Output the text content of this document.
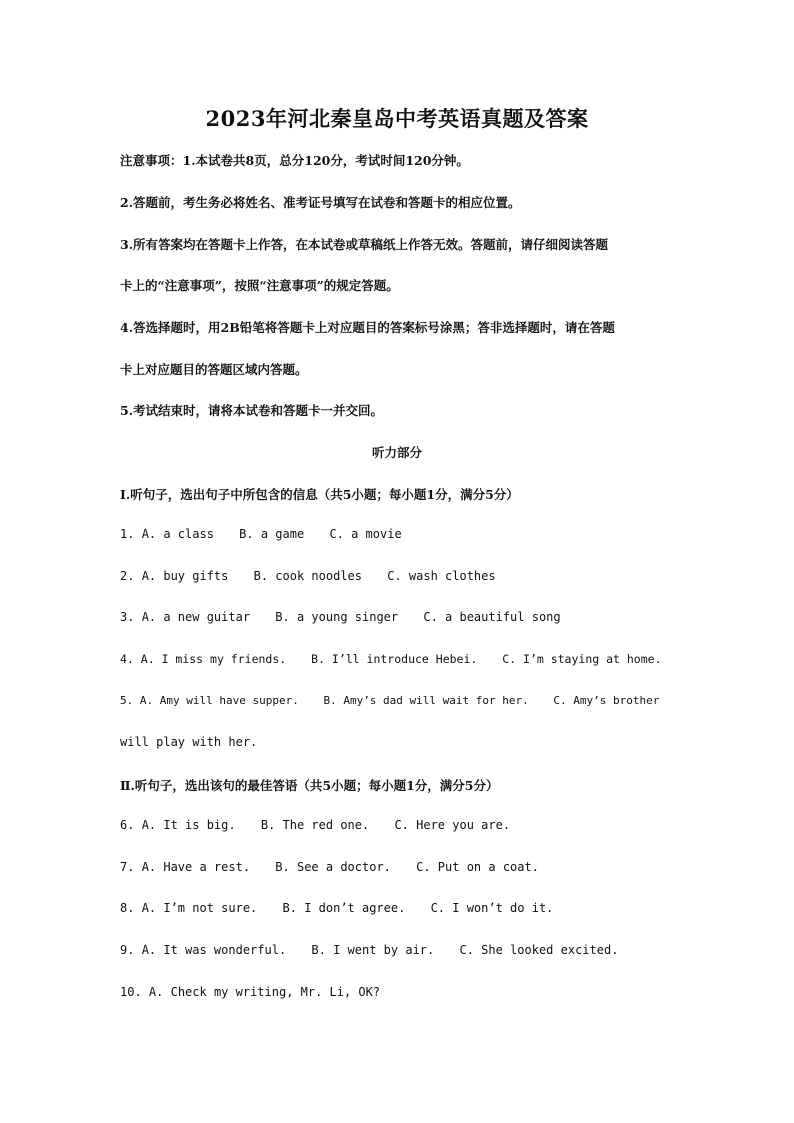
2023年河北秦皇岛中考英语真题及答案
注意事项：1.本试卷共8页，总分120分，考试时间120分钟。
2.答题前，考生务必将姓名、准考证号填写在试卷和答题卡的相应位置。
3.所有答案均在答题卡上作答，在本试卷或草稿纸上作答无效。答题前，请仔细阅读答题
卡上的“注意事项”，按照“注意事项”的规定答题。
4.答选择题时，用2B铅笔将答题卡上对应题目的答案标号涂黑；答非选择题时，请在答题
卡上对应题目的答题区域内答题。
5.考试结束时，请将本试卷和答题卡一并交回。
听力部分
Ⅰ.听句子，选出句子中所包含的信息（共5小题；每小题1分，满分5分）
1. A. a class B. a game C. a movie
2. A. buy gifts B. cook noodles C. wash clothes
3. A. a new guitar B. a young singer C. a beautiful song
4. A. I miss my friends. B. I’ll introduce Hebei. C. I’m staying at home.
5. A. Amy will have supper. B. Amy’s dad will wait for her. C. Amy’s brother
will play with her.
Ⅱ.听句子，选出该句的最佳答语（共5小题；每小题1分，满分5分）
6. A. It is big. B. The red one. C. Here you are.
7. A. Have a rest. B. See a doctor. C. Put on a coat.
8. A. I’m not sure. B. I don’t agree. C. I won’t do it.
9. A. It was wonderful. B. I went by air. C. She looked excited.
10. A. Check my writing, Mr. Li, OK?
